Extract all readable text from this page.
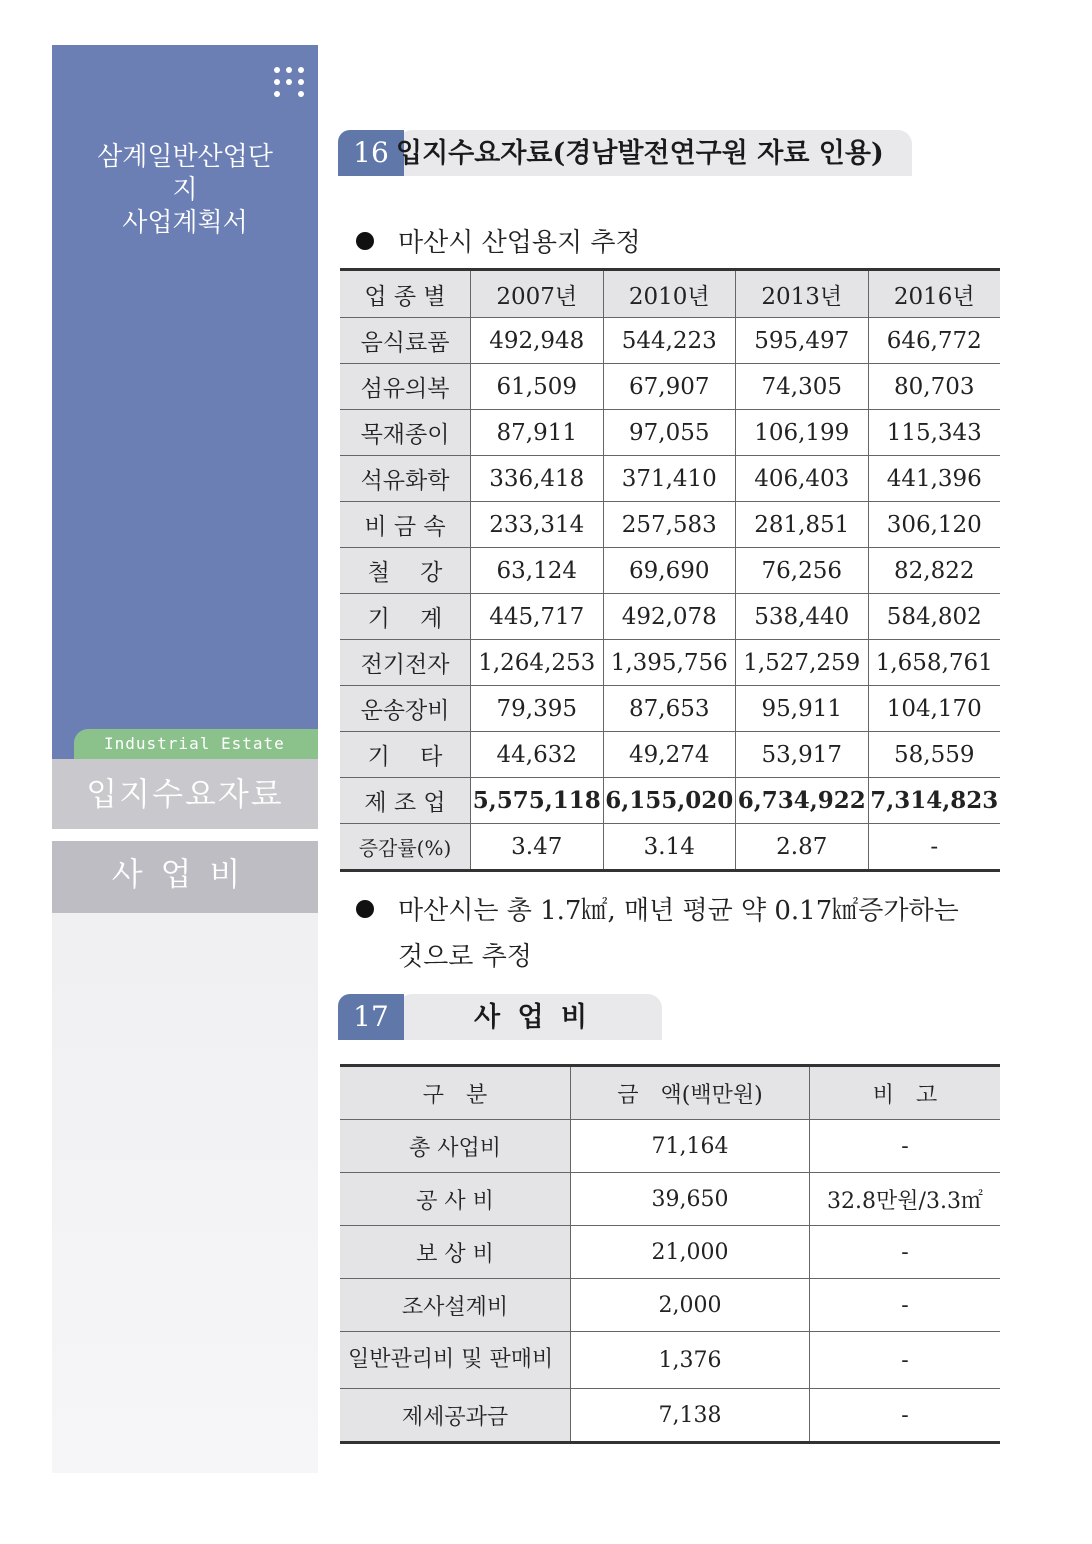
삼계일반산업단
지
사업계획서
Industrial Estate
입지수요자료
사업비
16 입지수요자료(경남발전연구원 자료 인용)
마산시 산업용지 추정
업 종 별	2007년	2010년	2013년	2016년
음식료품	492,948	544,223	595,497	646,772
섬유의복	61,509	67,907	74,305	80,703
목재종이	87,911	97,055	106,199	115,343
석유화학	336,418	371,410	406,403	441,396
비 금 속	233,314	257,583	281,851	306,120
철　 강	63,124	69,690	76,256	82,822
기　 계	445,717	492,078	538,440	584,802
전기전자	1,264,253	1,395,756	1,527,259	1,658,761
운송장비	79,395	87,653	95,911	104,170
기　 타	44,632	49,274	53,917	58,559
제 조 업	5,575,118	6,155,020	6,734,922	7,314,823
증감률(%)	3.47	3.14	2.87	-
마산시는 총 1.7㎢, 매년 평균 약 0.17㎢증가하는
것으로 추정
17	사 업 비
구　분	금　액(백만원)	비　고
총 사업비	71,164	-
공 사 비	39,650	32.8만원/3.3㎡
보 상 비	21,000	-
조사설계비	2,000	-
일반관리비 및 판매비	1,376	-
제세공과금	7,138	-
